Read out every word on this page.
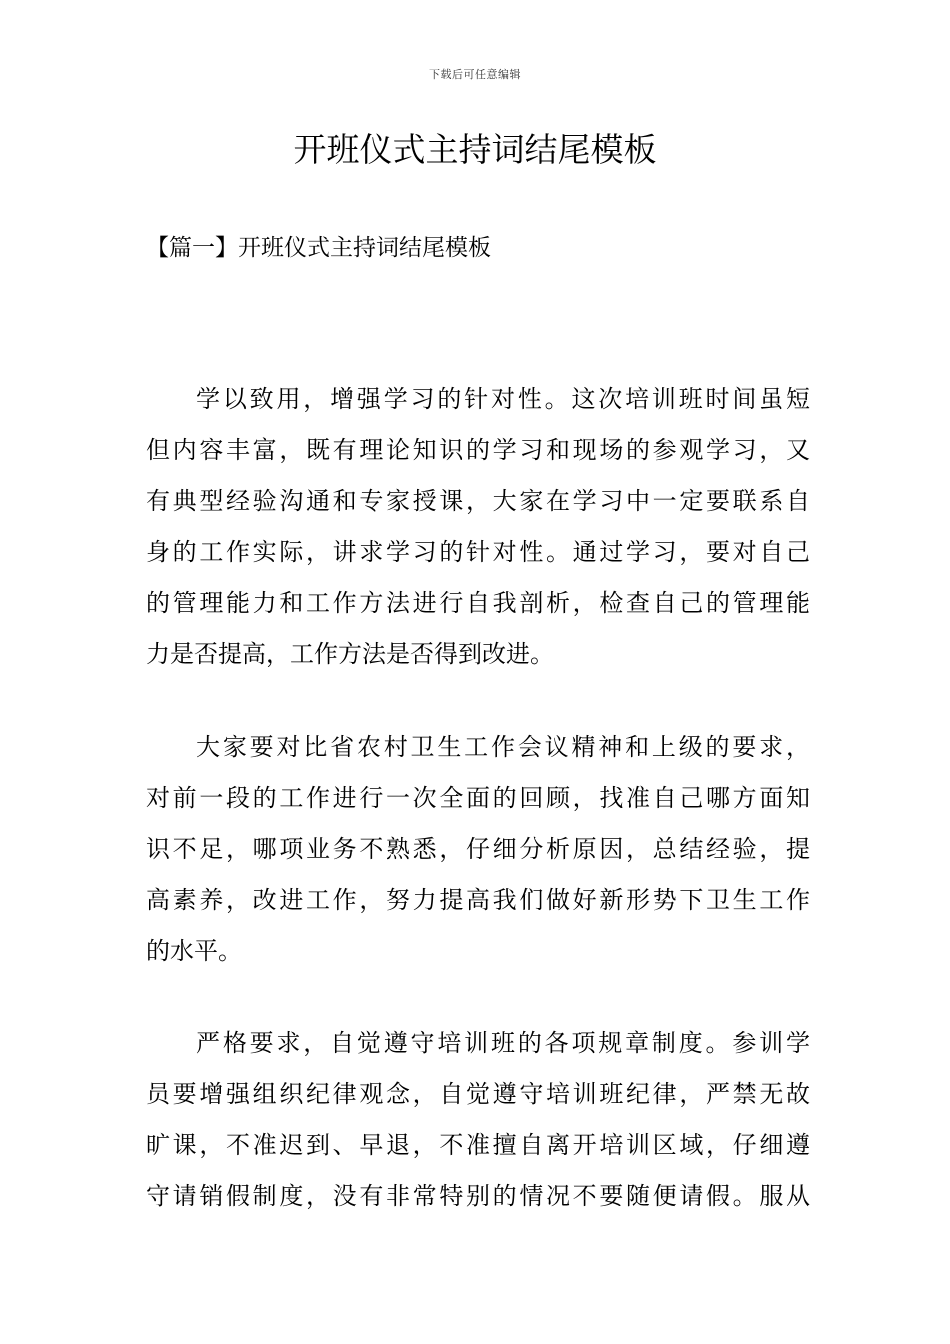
下载后可任意编辑
开班仪式主持词结尾模板

【篇一】开班仪式主持词结尾模板

学以致用，增强学习的针对性。这次培训班时间虽短
但内容丰富，既有理论知识的学习和现场的参观学习，又
有典型经验沟通和专家授课，大家在学习中一定要联系自
身的工作实际，讲求学习的针对性。通过学习，要对自己
的管理能力和工作方法进行自我剖析，检查自己的管理能
力是否提高，工作方法是否得到改进。
大家要对比省农村卫生工作会议精神和上级的要求，
对前一段的工作进行一次全面的回顾，找准自己哪方面知
识不足，哪项业务不熟悉，仔细分析原因，总结经验，提
高素养，改进工作，努力提高我们做好新形势下卫生工作
的水平。
严格要求，自觉遵守培训班的各项规章制度。参训学
员要增强组织纪律观念，自觉遵守培训班纪律，严禁无故
旷课，不准迟到、早退，不准擅自离开培训区域，仔细遵
守请销假制度，没有非常特别的情况不要随便请假。服从
